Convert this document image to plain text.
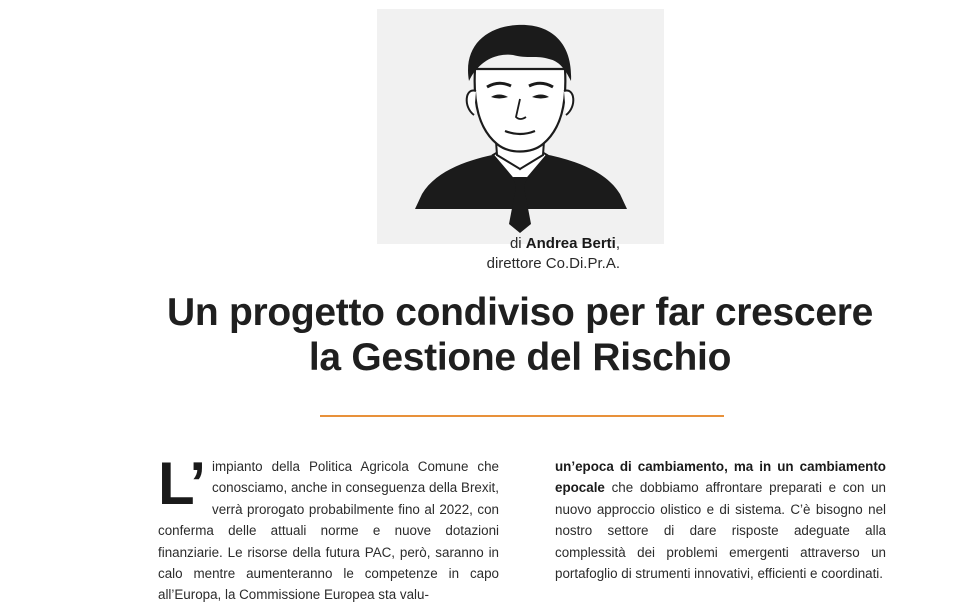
di Andrea Berti,
direttore Co.Di.Pr.A.
Un progetto condiviso per far crescere
la Gestione del Rischio
L’ impianto della Politica Agricola Comune che conosciamo, anche in conseguenza della Brexit, verrà prorogato probabilmente fino al 2022, con conferma delle attuali norme e nuove dotazioni finanziarie. Le risorse della futura PAC, però, saranno in calo mentre aumenteranno le competenze in capo all’Europa, la Commissione Europea sta valu-
un’epoca di cambiamento, ma in un cambiamento epocale che dobbiamo affrontare preparati e con un nuovo approccio olistico e di sistema. C’è bisogno nel nostro settore di dare risposte adeguate alla complessità dei problemi emergenti attraverso un portafoglio di strumenti innovativi, efficienti e coordinati.
